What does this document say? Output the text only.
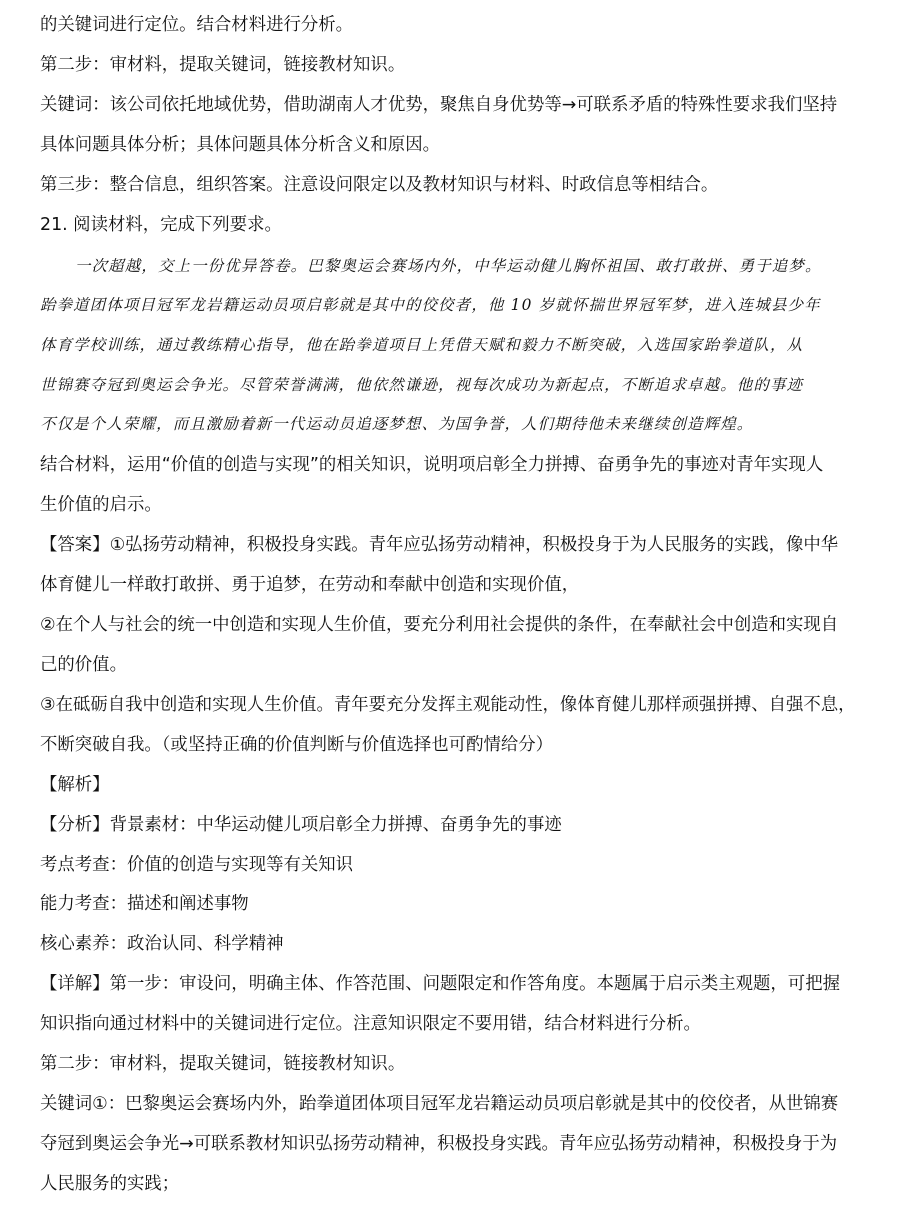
的关键词进行定位。结合材料进行分析。
第二步：审材料，提取关键词，链接教材知识。
关键词：该公司依托地域优势，借助湖南人才优势，聚焦自身优势等→可联系矛盾的特殊性要求我们坚持
具体问题具体分析；具体问题具体分析含义和原因。
第三步：整合信息，组织答案。注意设问限定以及教材知识与材料、时政信息等相结合。
21. 阅读材料，完成下列要求。
一次超越，交上一份优异答卷。巴黎奥运会赛场内外，中华运动健儿胸怀祖国、敢打敢拼、勇于追梦。
跆拳道团体项目冠军龙岩籍运动员项启彰就是其中的佼佼者，他 10 岁就怀揣世界冠军梦，进入连城县少年
体育学校训练，通过教练精心指导，他在跆拳道项目上凭借天赋和毅力不断突破，入选国家跆拳道队，从
世锦赛夺冠到奥运会争光。尽管荣誉满满，他依然谦逊，视每次成功为新起点，不断追求卓越。他的事迹
不仅是个人荣耀，而且激励着新一代运动员追逐梦想、为国争誉，人们期待他未来继续创造辉煌。
结合材料，运用“价值的创造与实现”的相关知识，说明项启彰全力拼搏、奋勇争先的事迹对青年实现人
生价值的启示。
【答案】①弘扬劳动精神，积极投身实践。青年应弘扬劳动精神，积极投身于为人民服务的实践，像中华
体育健儿一样敢打敢拼、勇于追梦，在劳动和奉献中创造和实现价值，
②在个人与社会的统一中创造和实现人生价值，要充分利用社会提供的条件，在奉献社会中创造和实现自
己的价值。
③在砥砺自我中创造和实现人生价值。青年要充分发挥主观能动性，像体育健儿那样顽强拼搏、自强不息，
不断突破自我。（或坚持正确的价值判断与价值选择也可酌情给分）
【解析】
【分析】背景素材：中华运动健儿项启彰全力拼搏、奋勇争先的事迹
考点考查：价值的创造与实现等有关知识
能力考查：描述和阐述事物
核心素养：政治认同、科学精神
【详解】第一步：审设问，明确主体、作答范围、问题限定和作答角度。本题属于启示类主观题，可把握
知识指向通过材料中的关键词进行定位。注意知识限定不要用错，结合材料进行分析。
第二步：审材料，提取关键词，链接教材知识。
关键词①：巴黎奥运会赛场内外，跆拳道团体项目冠军龙岩籍运动员项启彰就是其中的佼佼者，从世锦赛
夺冠到奥运会争光→可联系教材知识弘扬劳动精神，积极投身实践。青年应弘扬劳动精神，积极投身于为
人民服务的实践；
